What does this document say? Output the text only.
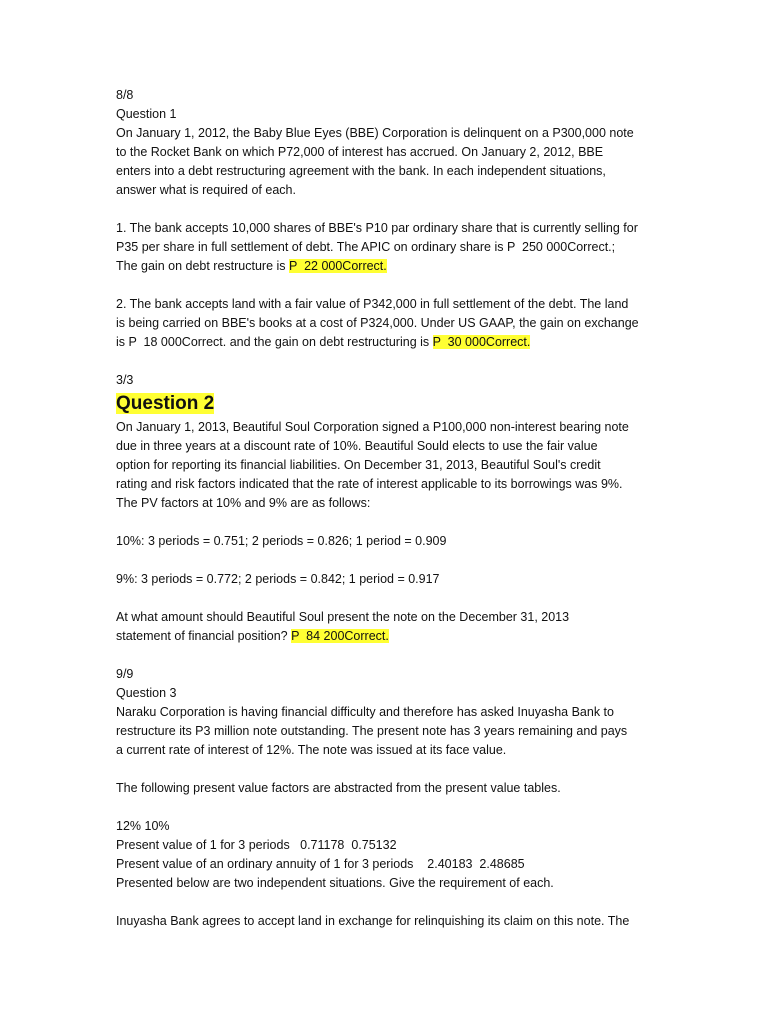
8/8
Question 1
On January 1, 2012, the Baby Blue Eyes (BBE) Corporation is delinquent on a P300,000 note
to the Rocket Bank on which P72,000 of interest has accrued. On January 2, 2012, BBE
enters into a debt restructuring agreement with the bank. In each independent situations,
answer what is required of each.
1. The bank accepts 10,000 shares of BBE's P10 par ordinary share that is currently selling for
P35 per share in full settlement of debt. The APIC on ordinary share is P  250 000Correct.;
The gain on debt restructure is P  22 000Correct.
2. The bank accepts land with a fair value of P342,000 in full settlement of the debt. The land
is being carried on BBE's books at a cost of P324,000. Under US GAAP, the gain on exchange
is P  18 000Correct. and the gain on debt restructuring is P  30 000Correct.
3/3
Question 2
On January 1, 2013, Beautiful Soul Corporation signed a P100,000 non-interest bearing note
due in three years at a discount rate of 10%. Beautiful Sould elects to use the fair value
option for reporting its financial liabilities. On December 31, 2013, Beautiful Soul's credit
rating and risk factors indicated that the rate of interest applicable to its borrowings was 9%.
The PV factors at 10% and 9% are as follows:
10%: 3 periods = 0.751; 2 periods = 0.826; 1 period = 0.909
9%: 3 periods = 0.772; 2 periods = 0.842; 1 period = 0.917
At what amount should Beautiful Soul present the note on the December 31, 2013
statement of financial position? P  84 200Correct.
9/9
Question 3
Naraku Corporation is having financial difficulty and therefore has asked Inuyasha Bank to
restructure its P3 million note outstanding. The present note has 3 years remaining and pays
a current rate of interest of 12%. The note was issued at its face value.
The following present value factors are abstracted from the present value tables.
12% 10%
Present value of 1 for 3 periods   0.71178  0.75132
Present value of an ordinary annuity of 1 for 3 periods    2.40183  2.48685
Presented below are two independent situations. Give the requirement of each.
Inuyasha Bank agrees to accept land in exchange for relinquishing its claim on this note. The
